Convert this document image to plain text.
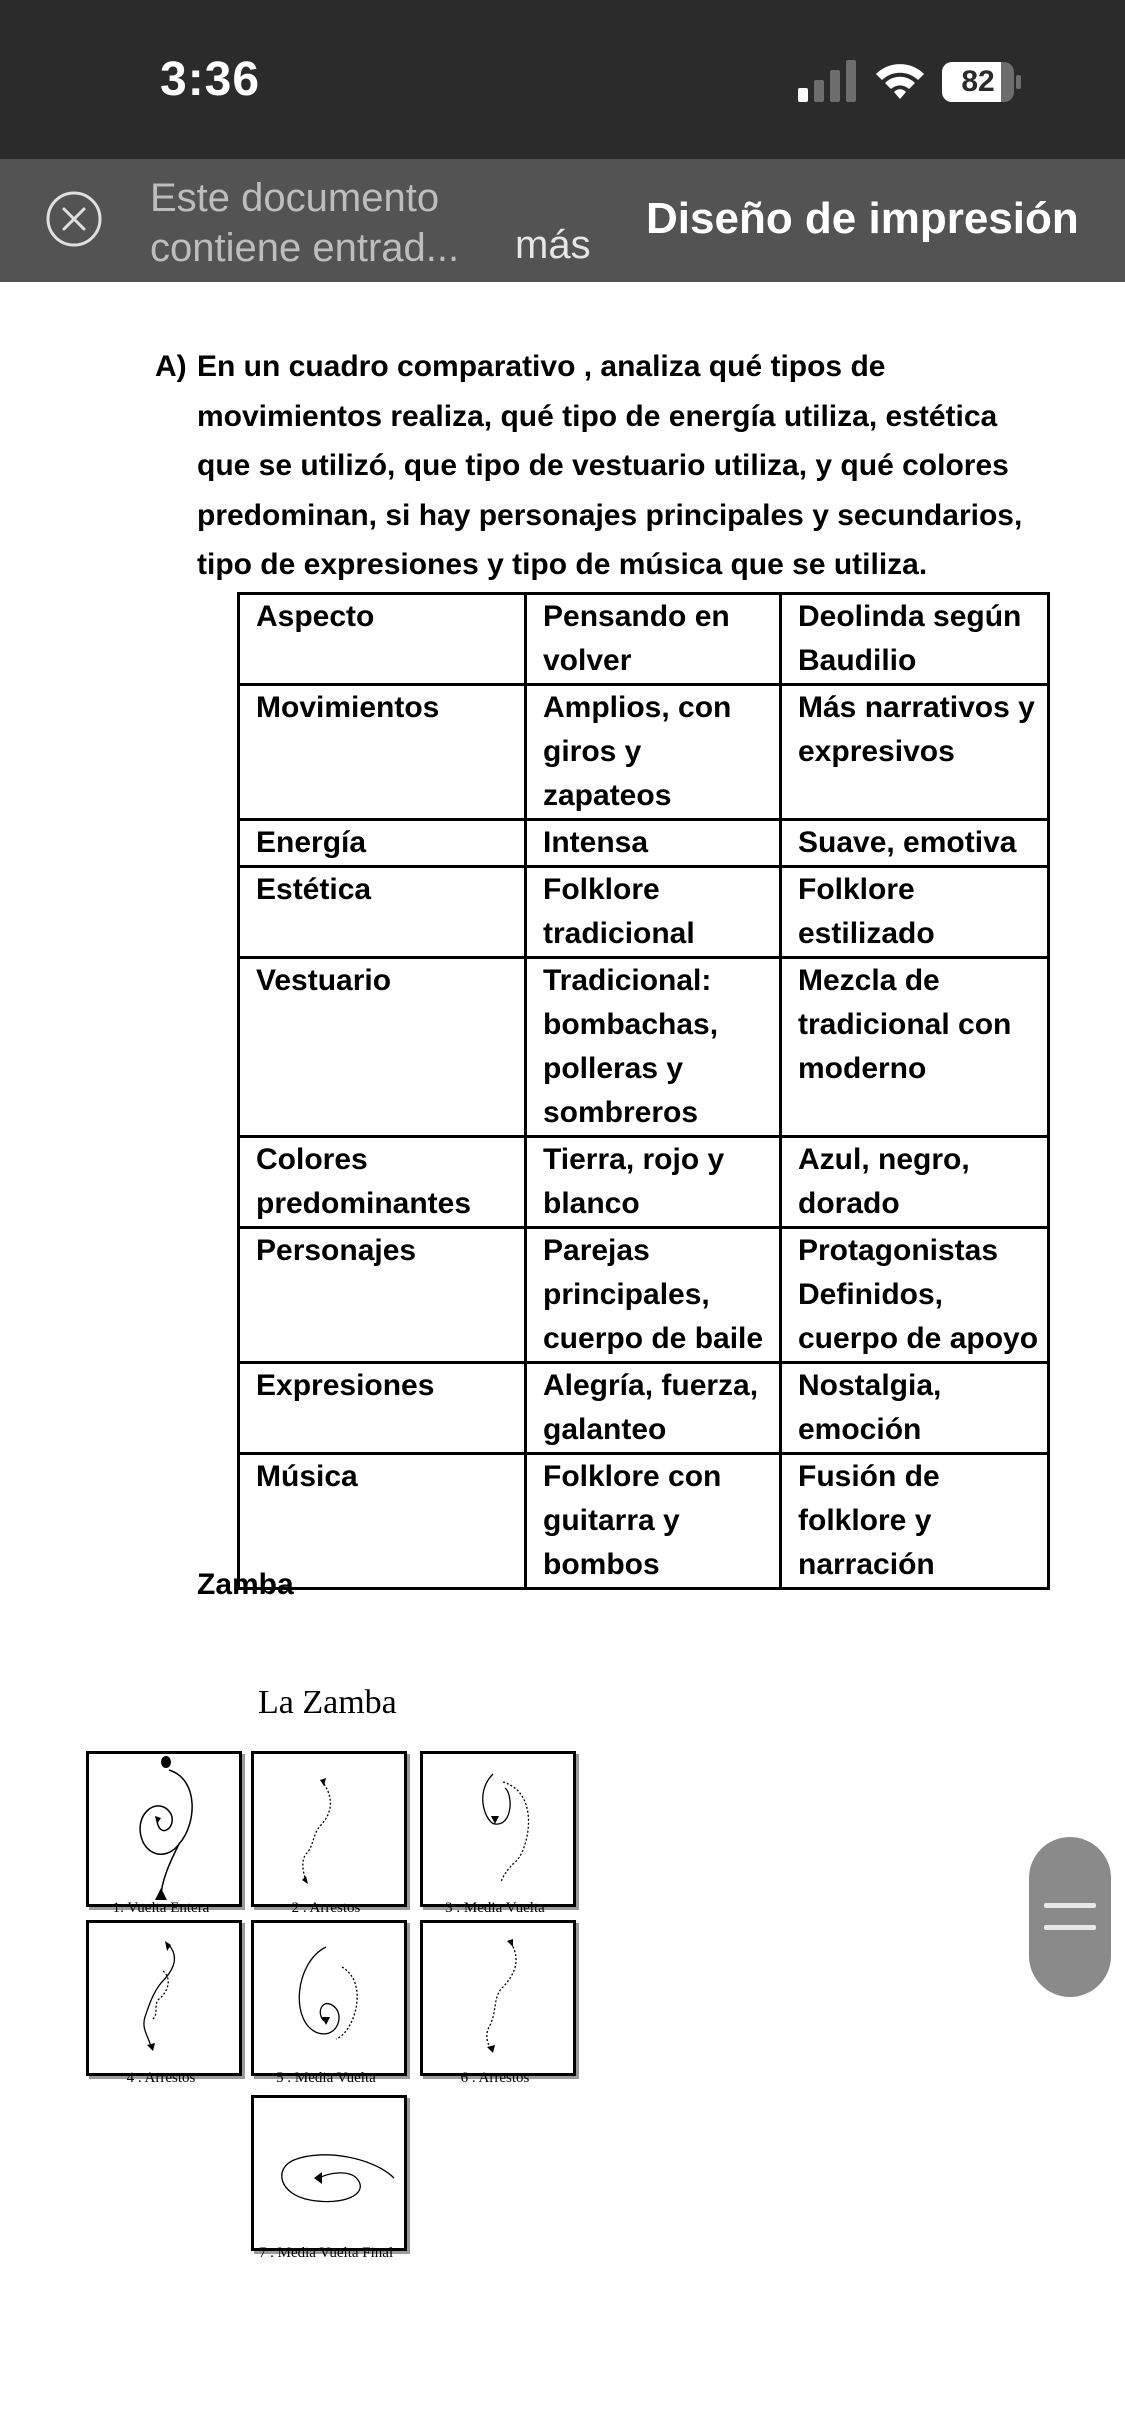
3:36	82
Este documento contiene entrad...	más
Diseño de impresión
A) En un cuadro comparativo , analiza qué tipos de movimientos realiza, qué tipo de energía utiliza, estética que se utilizó, que tipo de vestuario utiliza, y qué colores predominan, si hay personajes principales y secundarios, tipo de expresiones y tipo de música que se utiliza.
Aspecto	Pensando en volver	Deolinda según Baudilio
Movimientos	Amplios, con giros y zapateos	Más narrativos y expresivos
Energía	Intensa	Suave, emotiva
Estética	Folklore tradicional	Folklore estilizado
Vestuario	Tradicional: bombachas, polleras y sombreros	Mezcla de tradicional con moderno
Colores predominantes	Tierra, rojo y blanco	Azul, negro, dorado
Personajes	Parejas principales, cuerpo de baile	Protagonistas Definidos, cuerpo de apoyo
Expresiones	Alegría, fuerza, galanteo	Nostalgia, emoción
Música	Folklore con guitarra y bombos	Fusión de folklore y narración
Zamba
La Zamba
1. Vuelta Entera	2 . Arrestos	3 . Media Vuelta
4 . Arrestos	5 . Media Vuelta	6 . Arrestos
7 . Media Vuelta Final
